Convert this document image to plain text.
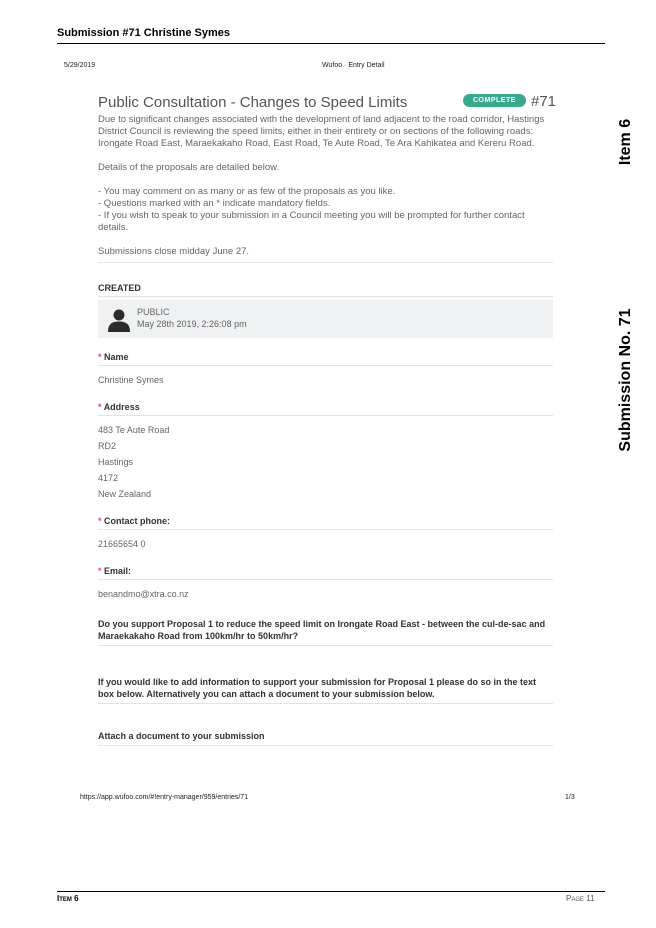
Submission #71 Christine Symes
5/29/2019	Wufoo · Entry Detail
Item 6
Submission No. 71
Public Consultation - Changes to Speed Limits	COMPLETE	#71

Due to significant changes associated with the development of land adjacent to the road corridor, Hastings District Council is reviewing the speed limits, either in their entirety or on sections of the following roads: Irongate Road East, Maraekakaho Road, East Road, Te Aute Road, Te Ara Kahikatea and Kereru Road.

Details of the proposals are detailed below.

- You may comment on as many or as few of the proposals as you like.
- Questions marked with an * indicate mandatory fields.
- If you wish to speak to your submission in a Council meeting you will be prompted for further contact details.
Submissions close midday June 27.
CREATED
PUBLIC
May 28th 2019, 2:26:08 pm
* Name
Christine Symes
* Address
483 Te Aute Road
RD2
Hastings
4172
New Zealand
* Contact phone:
21665654 0
* Email:
benandmo@xtra.co.nz
Do you support Proposal 1 to reduce the speed limit on Irongate Road East - between the cul-de-sac and Maraekakaho Road from 100km/hr to 50km/hr?
If you would like to add information to support your submission for Proposal 1 please do so in the text box below. Alternatively you can attach a document to your submission below.
Attach a document to your submission
https://app.wufoo.com/#!entry-manager/959/entries/71	1/3
Item 6	Page 11
